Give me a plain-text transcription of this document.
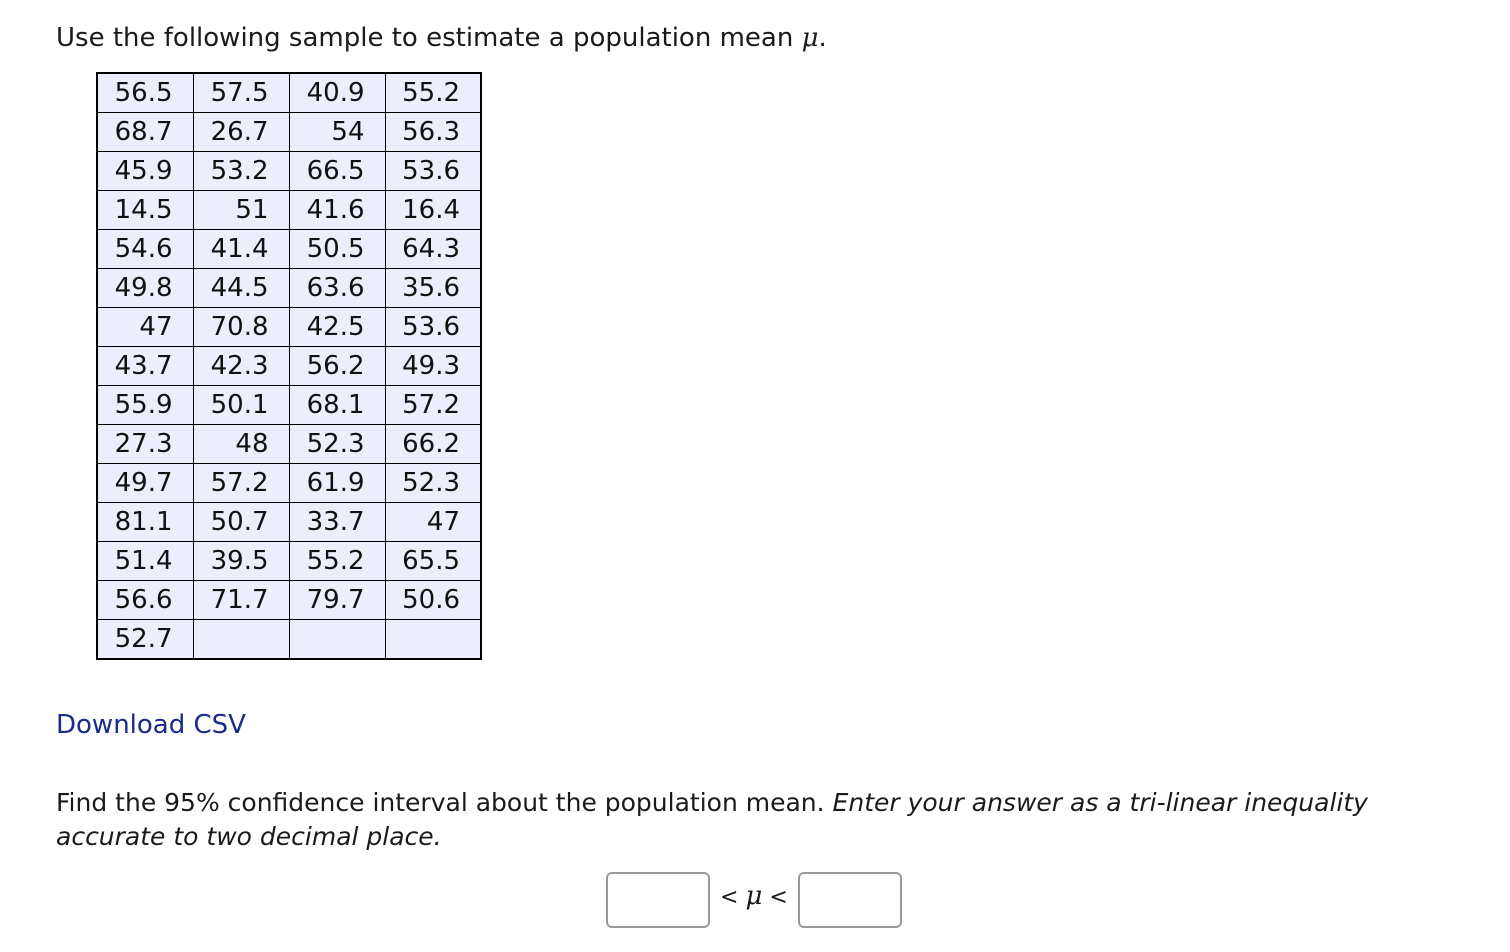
Use the following sample to estimate a population mean μ.
56.5	57.5	40.9	55.2
68.7	26.7	54	56.3
45.9	53.2	66.5	53.6
14.5	51	41.6	16.4
54.6	41.4	50.5	64.3
49.8	44.5	63.6	35.6
47	70.8	42.5	53.6
43.7	42.3	56.2	49.3
55.9	50.1	68.1	57.2
27.3	48	52.3	66.2
49.7	57.2	61.9	52.3
81.1	50.7	33.7	47
51.4	39.5	55.2	65.5
56.6	71.7	79.7	50.6
52.7			
Download CSV
Find the 95% confidence interval about the population mean. Enter your answer as a tri-linear inequality accurate to two decimal place.
< μ <
